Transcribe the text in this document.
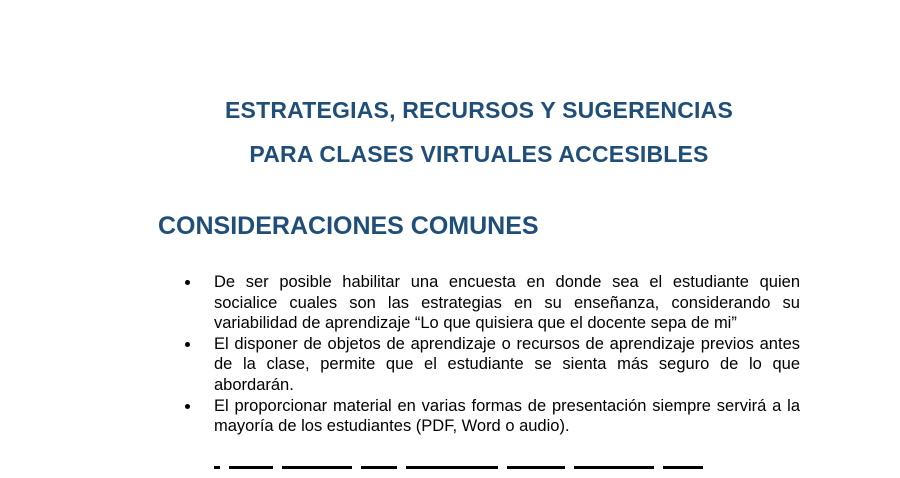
ESTRATEGIAS, RECURSOS Y SUGERENCIAS
PARA CLASES VIRTUALES ACCESIBLES
CONSIDERACIONES COMUNES
De ser posible habilitar una encuesta en donde sea el estudiante quien socialice cuales son las estrategias en su enseñanza, considerando su variabilidad de aprendizaje “Lo que quisiera que el docente sepa de mi”
El disponer de objetos de aprendizaje o recursos de aprendizaje previos antes de la clase, permite que el estudiante se sienta más seguro de lo que abordarán.
El proporcionar material en varias formas de presentación siempre servirá a la mayoría de los estudiantes (PDF, Word o audio).
